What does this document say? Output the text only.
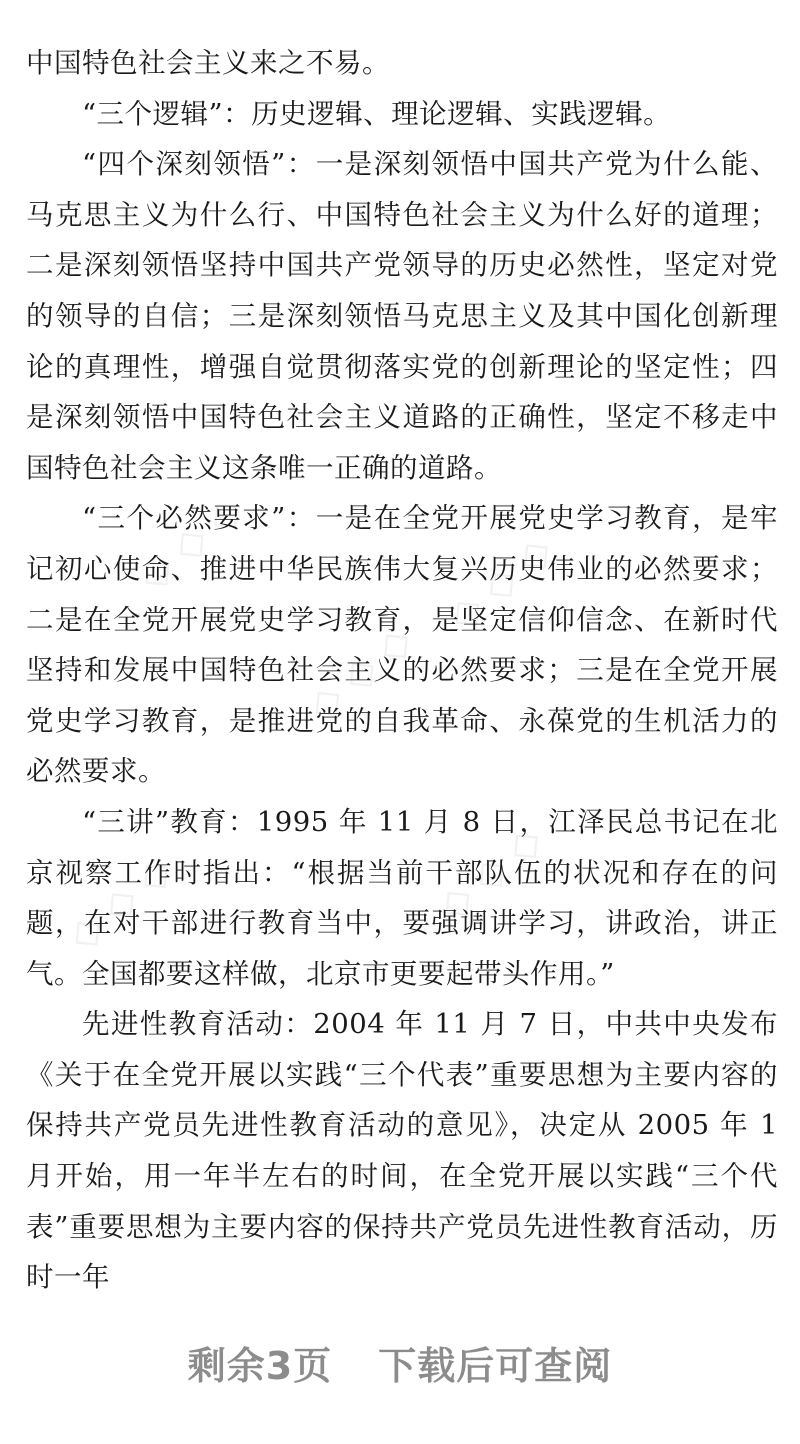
◇ ◇ ◇	◇ ◇ ◇
◇ ◇ ◇
◇ ◇ ◇	◇ ◇ ◇

中国特色社会主义来之不易。

“三个逻辑”：历史逻辑、理论逻辑、实践逻辑。

“四个深刻领悟”：一是深刻领悟中国共产党为什么能、马克思主义为什么行、中国特色社会主义为什么好的道理；二是深刻领悟坚持中国共产党领导的历史必然性，坚定对党的领导的自信；三是深刻领悟马克思主义及其中国化创新理论的真理性，增强自觉贯彻落实党的创新理论的坚定性；四是深刻领悟中国特色社会主义道路的正确性，坚定不移走中国特色社会主义这条唯一正确的道路。

“三个必然要求”：一是在全党开展党史学习教育，是牢记初心使命、推进中华民族伟大复兴历史伟业的必然要求；二是在全党开展党史学习教育，是坚定信仰信念、在新时代坚持和发展中国特色社会主义的必然要求；三是在全党开展党史学习教育，是推进党的自我革命、永葆党的生机活力的必然要求。

“三讲”教育：1995 年 11 月 8 日，江泽民总书记在北京视察工作时指出：“根据当前干部队伍的状况和存在的问题，在对干部进行教育当中，要强调讲学习，讲政治，讲正气。全国都要这样做，北京市更要起带头作用。”

先进性教育活动：2004 年 11 月 7 日，中共中央发布《关于在全党开展以实践“三个代表”重要思想为主要内容的保持共产党员先进性教育活动的意见》，决定从 2005 年 1 月开始，用一年半左右的时间，在全党开展以实践“三个代表”重要思想为主要内容的保持共产党员先进性教育活动，历时一年

剩余3页 下载后可查阅
